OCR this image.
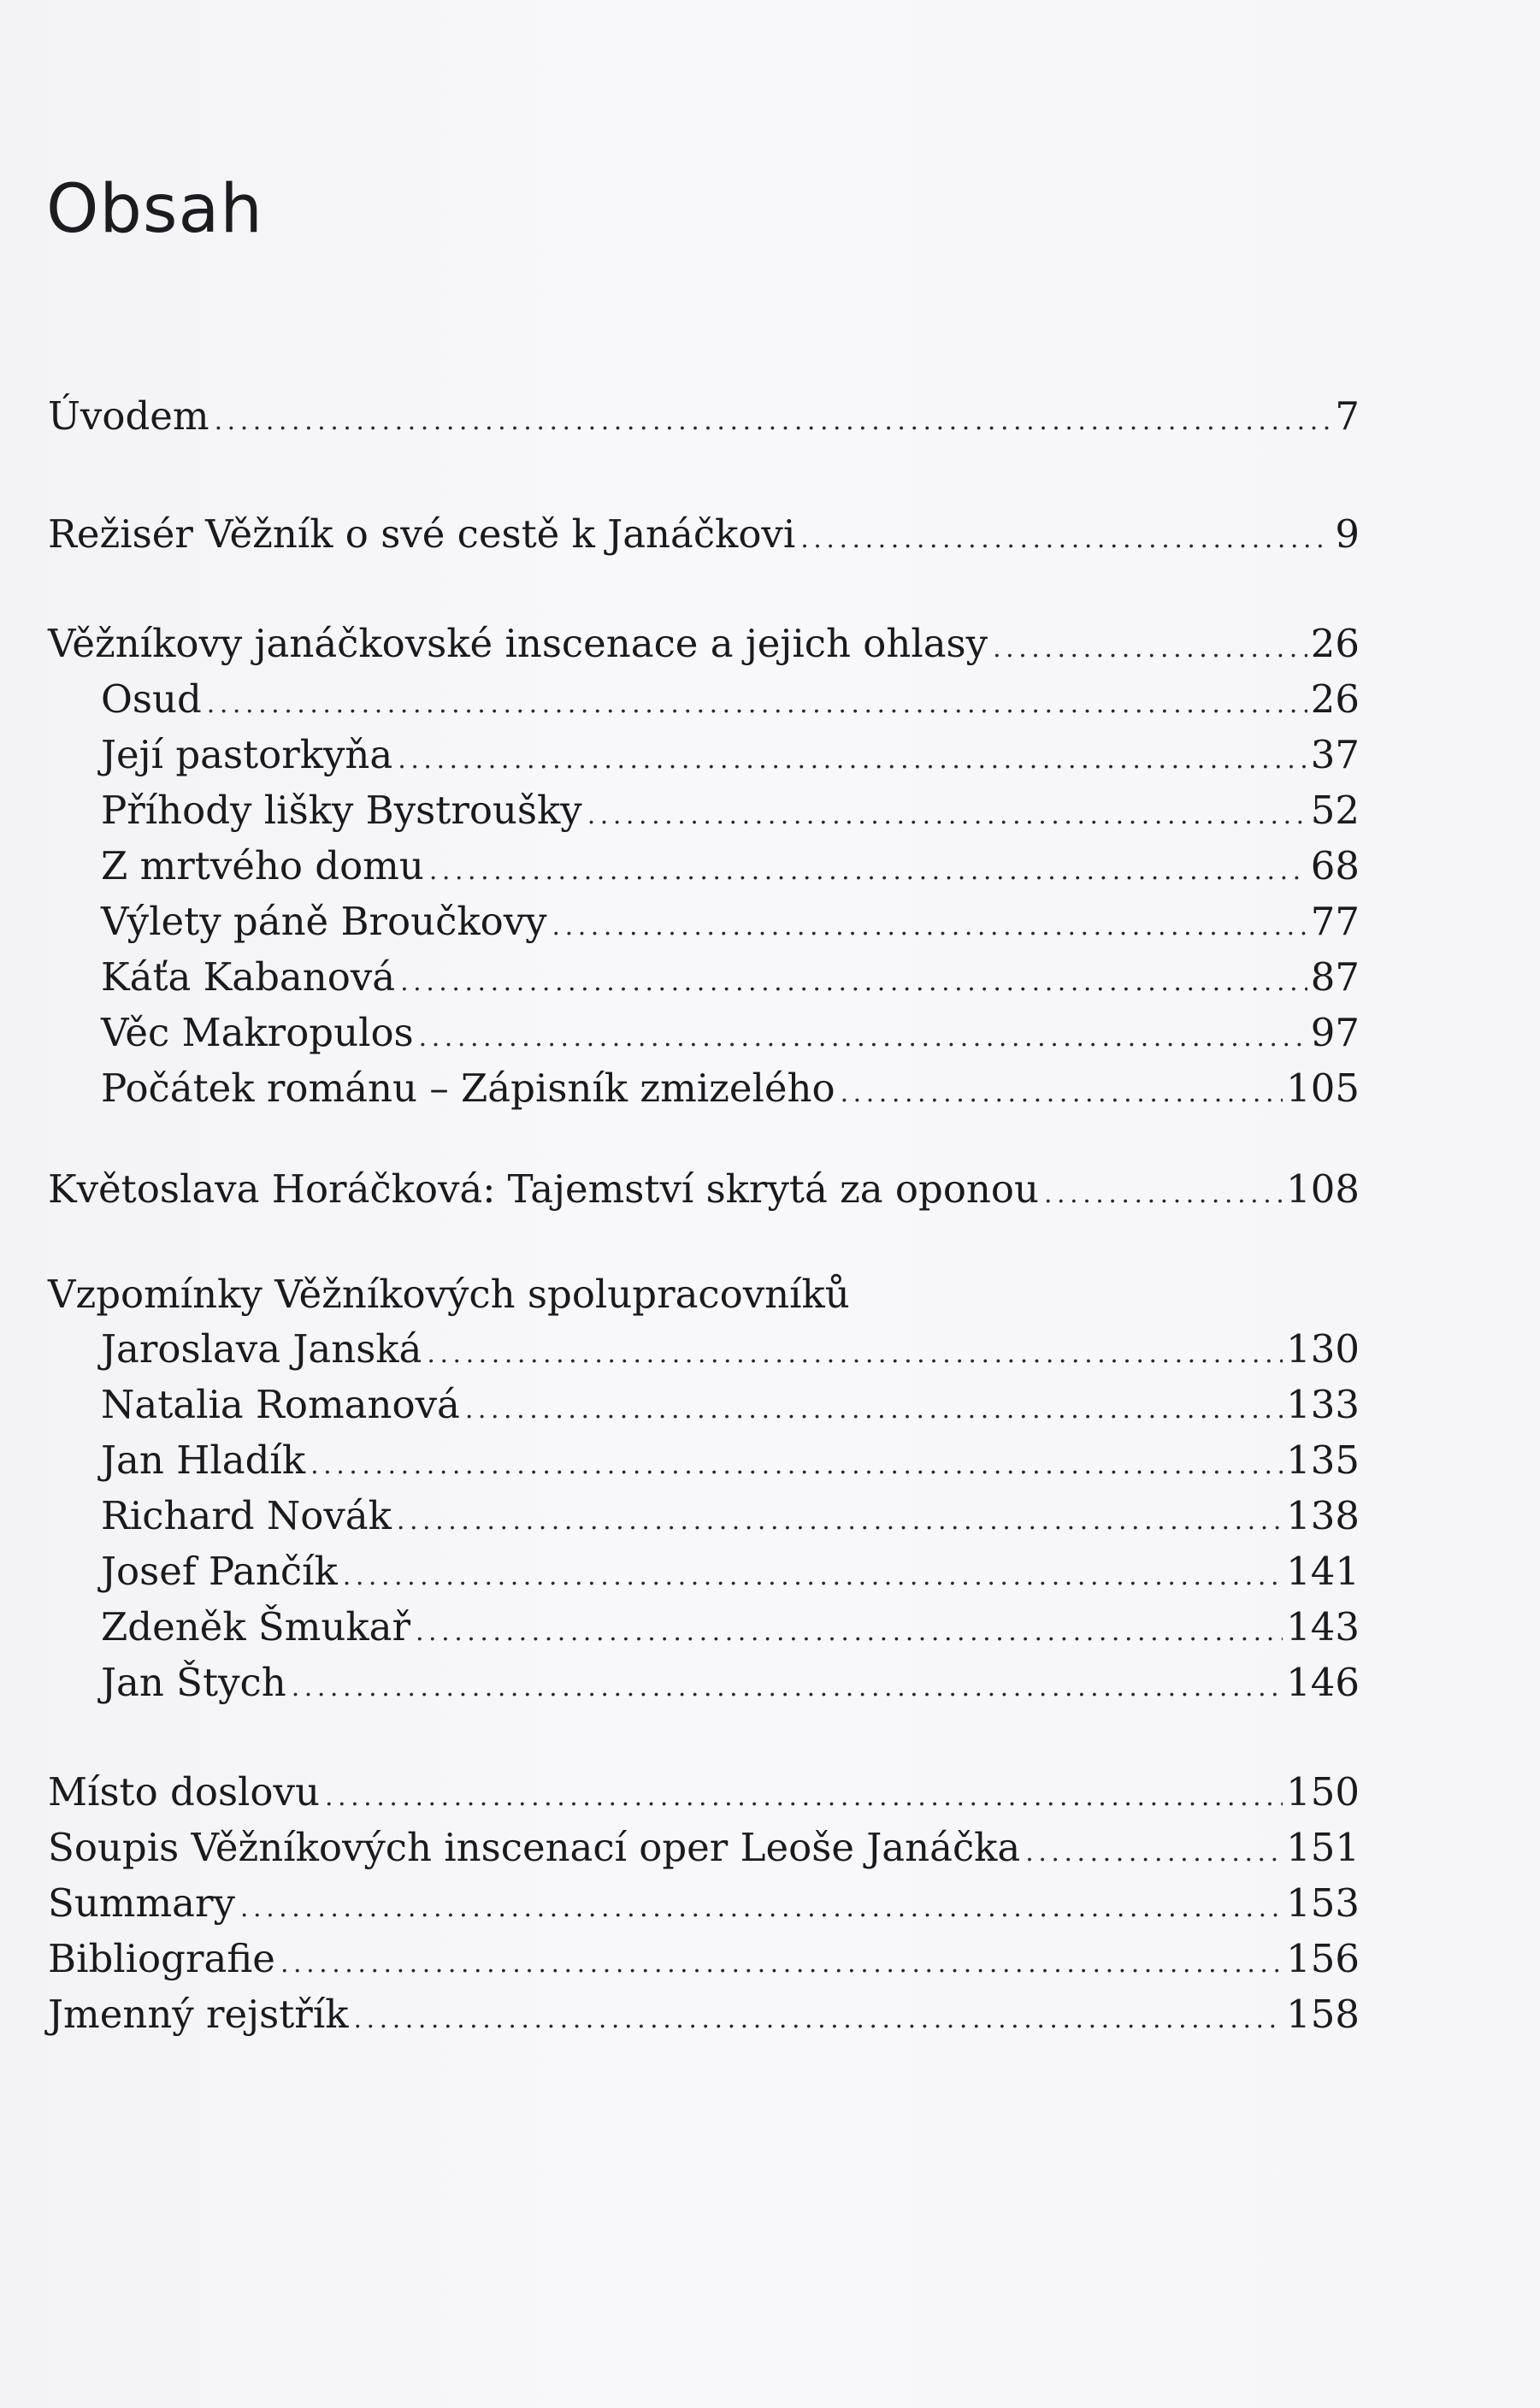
Obsah
Úvodem . . .	7
Režisér Věžník o své cestě k Janáčkovi . . .	9
Věžníkovy janáčkovské inscenace a jejich ohlasy . . .	26
Osud . . .	26
Její pastorkyňa . . .	37
Příhody lišky Bystroušky . . .	52
Z mrtvého domu . . .	68
Výlety páně Broučkovy . . .	77
Káťa Kabanová . . .	87
Věc Makropulos . . .	97
Počátek románu – Zápisník zmizelého . . .	105
Květoslava Horáčková: Tajemství skrytá za oponou . . .	108
Vzpomínky Věžníkových spolupracovníků
Jaroslava Janská . . .	130
Natalia Romanová . . .	133
Jan Hladík . . .	135
Richard Novák . . .	138
Josef Pančík . . .	141
Zdeněk Šmukař . . .	143
Jan Štych . . .	146
Místo doslovu . . .	150
Soupis Věžníkových inscenací oper Leoše Janáčka . . .	151
Summary . . .	153
Bibliografie . . .	156
Jmenný rejstřík . . .	158
